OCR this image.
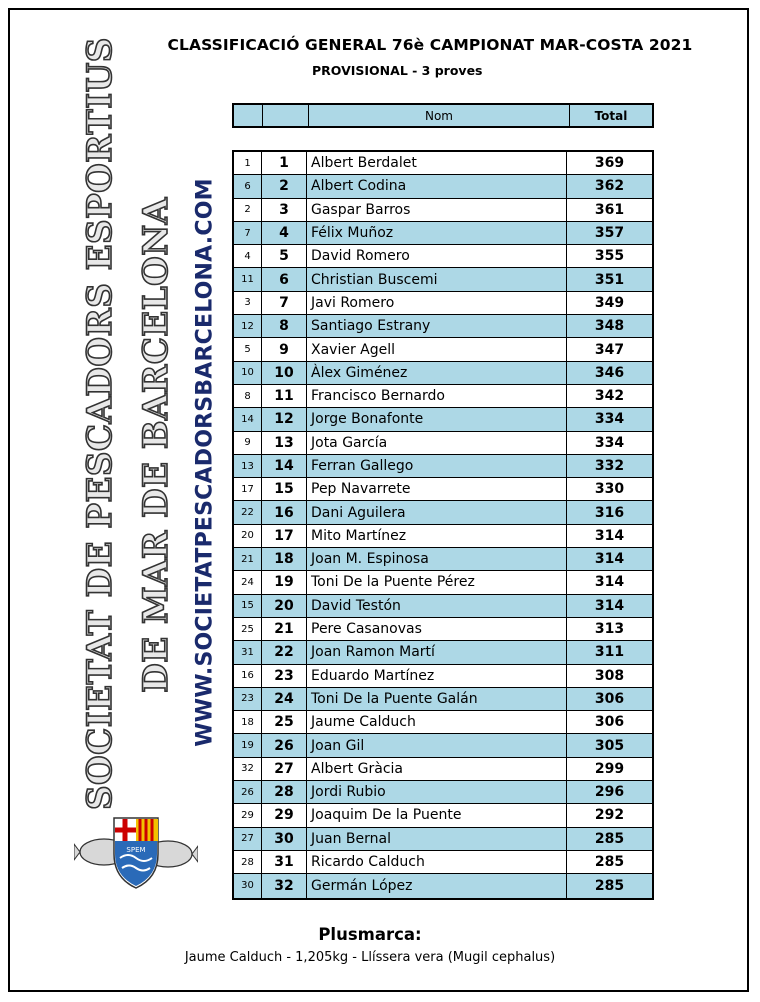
CLASSIFICACIÓ GENERAL 76è CAMPIONAT MAR-COSTA 2021
PROVISIONAL - 3 proves
SOCIETAT DE PESCADORS ESPORTIUS DE MAR DE BARCELONA WWW.SOCIETATPESCADORSBARCELONA.COM
SPEM
Nom	Total
1	1	Albert Berdalet	369
6	2	Albert Codina	362
2	3	Gaspar Barros	361
7	4	Félix Muñoz	357
4	5	David Romero	355
11	6	Christian Buscemi	351
3	7	Javi Romero	349
12	8	Santiago Estrany	348
5	9	Xavier Agell	347
10	10	Àlex Giménez	346
8	11	Francisco Bernardo	342
14	12	Jorge Bonafonte	334
9	13	Jota García	334
13	14	Ferran Gallego	332
17	15	Pep Navarrete	330
22	16	Dani Aguilera	316
20	17	Mito Martínez	314
21	18	Joan M. Espinosa	314
24	19	Toni De la Puente Pérez	314
15	20	David Testón	314
25	21	Pere Casanovas	313
31	22	Joan Ramon Martí	311
16	23	Eduardo Martínez	308
23	24	Toni De la Puente Galán	306
18	25	Jaume Calduch	306
19	26	Joan Gil	305
32	27	Albert Gràcia	299
26	28	Jordi Rubio	296
29	29	Joaquim De la Puente	292
27	30	Juan Bernal	285
28	31	Ricardo Calduch	285
30	32	Germán López	285
Plusmarca:
Jaume Calduch - 1,205kg - Llíssera vera (Mugil cephalus)
